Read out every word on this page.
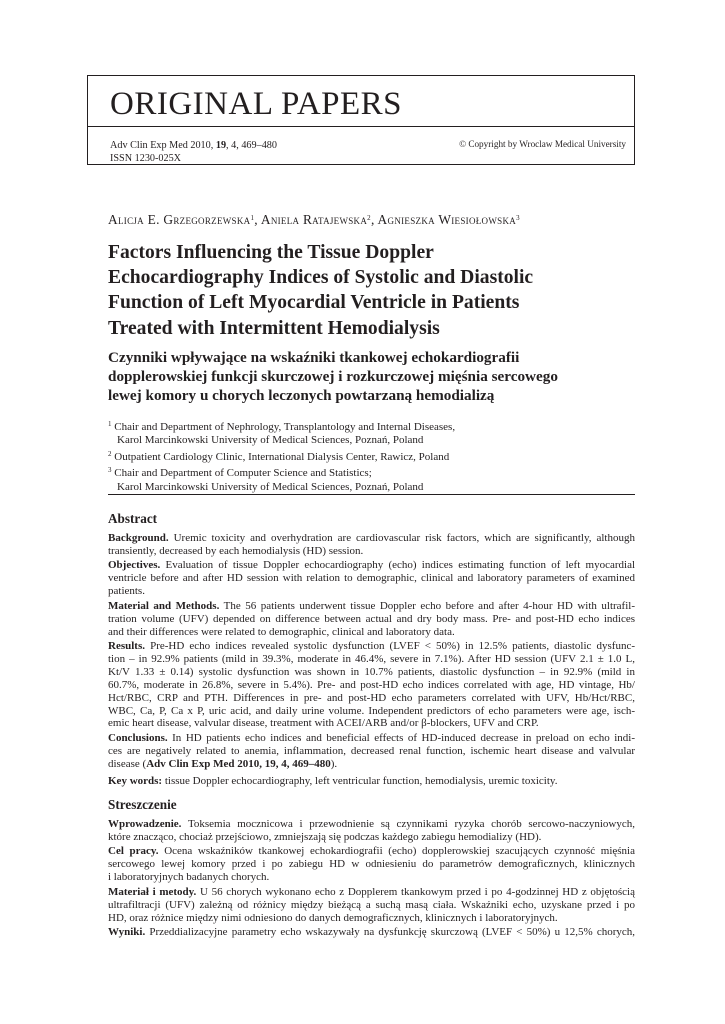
ORIGINAL PAPERS
Adv Clin Exp Med 2010, 19, 4, 469–480
ISSN 1230-025X
© Copyright by Wroclaw Medical University
Alicja E. Grzegorzewska$^1$, Aniela Ratajewska$^2$, Agnieszka Wiesiołowska$^3$
Factors Influencing the Tissue Doppler
Echocardiography Indices of Systolic and Diastolic
Function of Left Myocardial Ventricle in Patients
Treated with Intermittent Hemodialysis
Czynniki wpływające na wskaźniki tkankowej echokardiografii
dopplerowskiej funkcji skurczowej i rozkurczowej mięśnia sercowego
lewej komory u chorych leczonych powtarzaną hemodializą
$^1$ Chair and Department of Nephrology, Transplantology and Internal Diseases,
Karol Marcinkowski University of Medical Sciences, Poznań, Poland
$^2$ Outpatient Cardiology Clinic, International Dialysis Center, Rawicz, Poland
$^3$ Chair and Department of Computer Science and Statistics;
Karol Marcinkowski University of Medical Sciences, Poznań, Poland
Abstract
Background. Uremic toxicity and overhydration are cardiovascular risk factors, which are significantly, although
transiently, decreased by each hemodialysis (HD) session.
Objectives. Evaluation of tissue Doppler echocardiography (echo) indices estimating function of left myocardial
ventricle before and after HD session with relation to demographic, clinical and laboratory parameters of examined
patients.
Material and Methods. The 56 patients underwent tissue Doppler echo before and after 4-hour HD with ultrafil-
tration volume (UFV) depended on difference between actual and dry body mass. Pre- and post-HD echo indices
and their differences were related to demographic, clinical and laboratory data.
Results. Pre-HD echo indices revealed systolic dysfunction (LVEF < 50%) in 12.5% patients, diastolic dysfunc-
tion – in 92.9% patients (mild in 39.3%, moderate in 46.4%, severe in 7.1%). After HD session (UFV 2.1 ± 1.0 L,
Kt/V 1.33 ± 0.14) systolic dysfunction was shown in 10.7% patients, diastolic dysfunction – in 92.9% (mild in
60.7%, moderate in 26.8%, severe in 5.4%). Pre- and post-HD echo indices correlated with age, HD vintage, Hb/
Hct/RBC, CRP and PTH. Differences in pre- and post-HD echo parameters correlated with UFV, Hb/Hct/RBC,
WBC, Ca, P, Ca x P, uric acid, and daily urine volume. Independent predictors of echo parameters were age, isch-
emic heart disease, valvular disease, treatment with ACEI/ARB and/or β-blockers, UFV and CRP.
Conclusions. In HD patients echo indices and beneficial effects of HD-induced decrease in preload on echo indi-
ces are negatively related to anemia, inflammation, decreased renal function, ischemic heart disease and valvular
disease (Adv Clin Exp Med 2010, 19, 4, 469–480).
Key words: tissue Doppler echocardiography, left ventricular function, hemodialysis, uremic toxicity.
Streszczenie
Wprowadzenie. Toksemia mocznicowa i przewodnienie są czynnikami ryzyka chorób sercowo-naczyniowych,
które znacząco, chociaż przejściowo, zmniejszają się podczas każdego zabiegu hemodializy (HD).
Cel pracy. Ocena wskaźników tkankowej echokardiografii (echo) dopplerowskiej szacujących czynność mięśnia
sercowego lewej komory przed i po zabiegu HD w odniesieniu do parametrów demograficznych, klinicznych
i laboratoryjnych badanych chorych.
Materiał i metody. U 56 chorych wykonano echo z Dopplerem tkankowym przed i po 4-godzinnej HD z objętością
ultrafiltracji (UFV) zależną od różnicy między bieżącą a suchą masą ciała. Wskaźniki echo, uzyskane przed i po
HD, oraz różnice między nimi odniesiono do danych demograficznych, klinicznych i laboratoryjnych.
Wyniki. Przeddializacyjne parametry echo wskazywały na dysfunkcję skurczową (LVEF < 50%) u 12,5% chorych,
